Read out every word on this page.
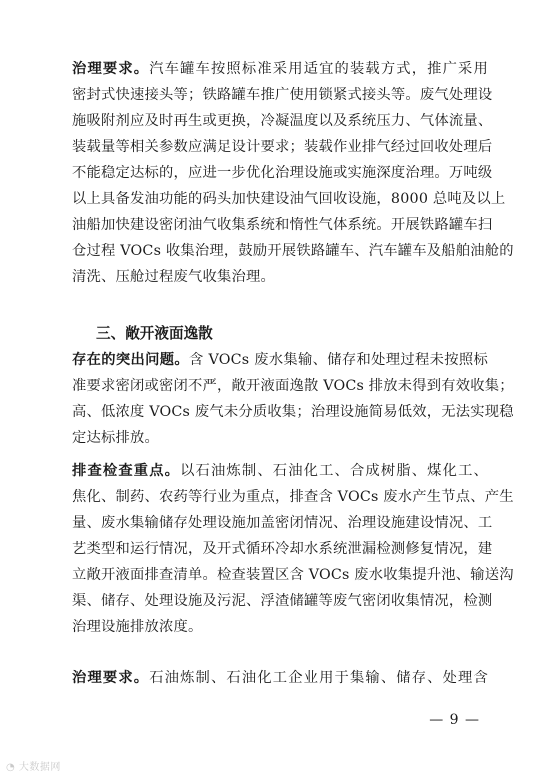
治理要求。汽车罐车按照标准采用适宜的装载方式，推广采用
密封式快速接头等；铁路罐车推广使用锁紧式接头等。废气处理设
施吸附剂应及时再生或更换，冷凝温度以及系统压力、气体流量、
装载量等相关参数应满足设计要求；装载作业排气经过回收处理后
不能稳定达标的，应进一步优化治理设施或实施深度治理。万吨级
以上具备发油功能的码头加快建设油气回收设施，8000 总吨及以上
油船加快建设密闭油气收集系统和惰性气体系统。开展铁路罐车扫
仓过程 VOCs 收集治理，鼓励开展铁路罐车、汽车罐车及船舶油舱的
清洗、压舱过程废气收集治理。
三、敞开液面逸散
存在的突出问题。含 VOCs 废水集输、储存和处理过程未按照标
准要求密闭或密闭不严，敞开液面逸散 VOCs 排放未得到有效收集；
高、低浓度 VOCs 废气未分质收集；治理设施简易低效，无法实现稳
定达标排放。
排查检查重点。以石油炼制、石油化工、合成树脂、煤化工、
焦化、制药、农药等行业为重点，排查含 VOCs 废水产生节点、产生
量、废水集输储存处理设施加盖密闭情况、治理设施建设情况、工
艺类型和运行情况，及开式循环冷却水系统泄漏检测修复情况，建
立敞开液面排查清单。检查装置区含 VOCs 废水收集提升池、输送沟
渠、储存、处理设施及污泥、浮渣储罐等废气密闭收集情况，检测
治理设施排放浓度。
治理要求。石油炼制、石油化工企业用于集输、储存、处理含
— 9 —
◔ 大数据网
